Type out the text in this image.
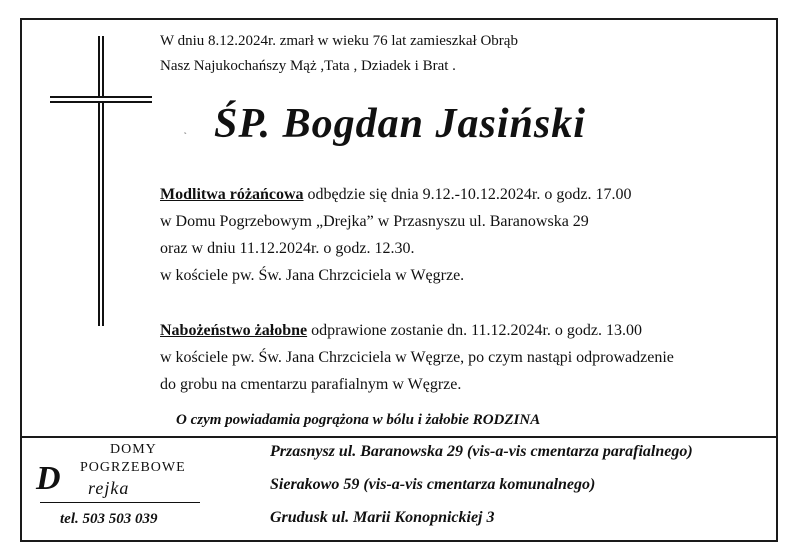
W dniu 8.12.2024r. zmarł w wieku 76 lat zamieszkał Obrąb
Nasz Najukochańszy Mąż ,Tata , Dziadek i Brat .
˛ ŚP. Bogdan Jasiński
Modlitwa różańcowa odbędzie się dnia 9.12.-10.12.2024r. o godz. 17.00
w Domu Pogrzebowym „Drejka” w Przasnyszu ul. Baranowska 29
oraz w dniu 11.12.2024r. o godz. 12.30.
w kościele pw. Św. Jana Chrzciciela w Węgrze.
Nabożeństwo żałobne odprawione zostanie dn. 11.12.2024r. o godz. 13.00
w kościele pw. Św. Jana Chrzciciela w Węgrze, po czym nastąpi odprowadzenie
do grobu na cmentarzu parafialnym w Węgrze.
O czym powiadamia pogrążona w bólu i żałobie RODZINA
DOMY
POGRZEBOWE
D rejka
tel. 503 503 039
Przasnysz ul. Baranowska 29 (vis-a-vis cmentarza parafialnego)
Sierakowo 59 (vis-a-vis cmentarza komunalnego)
Grudusk ul. Marii Konopnickiej 3
